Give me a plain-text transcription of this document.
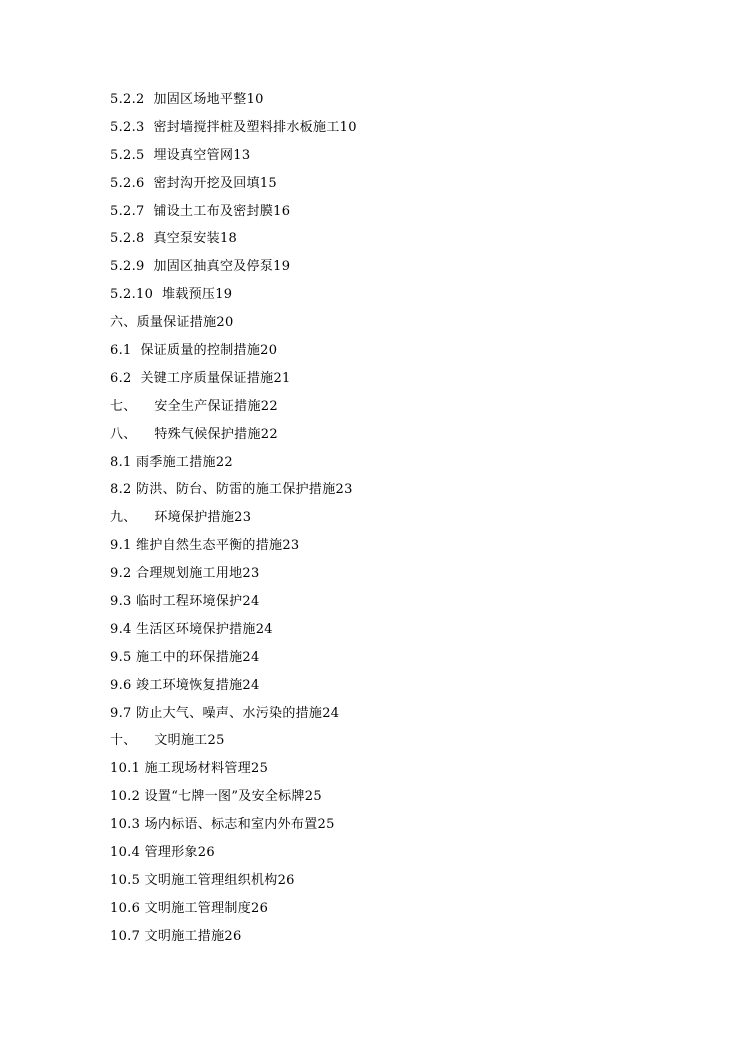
5.2.2 加固区场地平整10
5.2.3 密封墙搅拌桩及塑料排水板施工10
5.2.5 埋设真空管网13
5.2.6 密封沟开挖及回填15
5.2.7 铺设土工布及密封膜16
5.2.8 真空泵安装18
5.2.9 加固区抽真空及停泵19
5.2.10 堆载预压19
六、质量保证措施20
6.1 保证质量的控制措施20
6.2 关键工序质量保证措施21
七、 安全生产保证措施22
八、 特殊气候保护措施22
8.1 雨季施工措施22
8.2 防洪、防台、防雷的施工保护措施23
九、 环境保护措施23
9.1 维护自然生态平衡的措施23
9.2 合理规划施工用地23
9.3 临时工程环境保护24
9.4 生活区环境保护措施24
9.5 施工中的环保措施24
9.6 竣工环境恢复措施24
9.7 防止大气、噪声、水污染的措施24
十、 文明施工25
10.1 施工现场材料管理25
10.2 设置“七牌一图”及安全标牌25
10.3 场内标语、标志和室内外布置25
10.4 管理形象26
10.5 文明施工管理组织机构26
10.6 文明施工管理制度26
10.7 文明施工措施26
